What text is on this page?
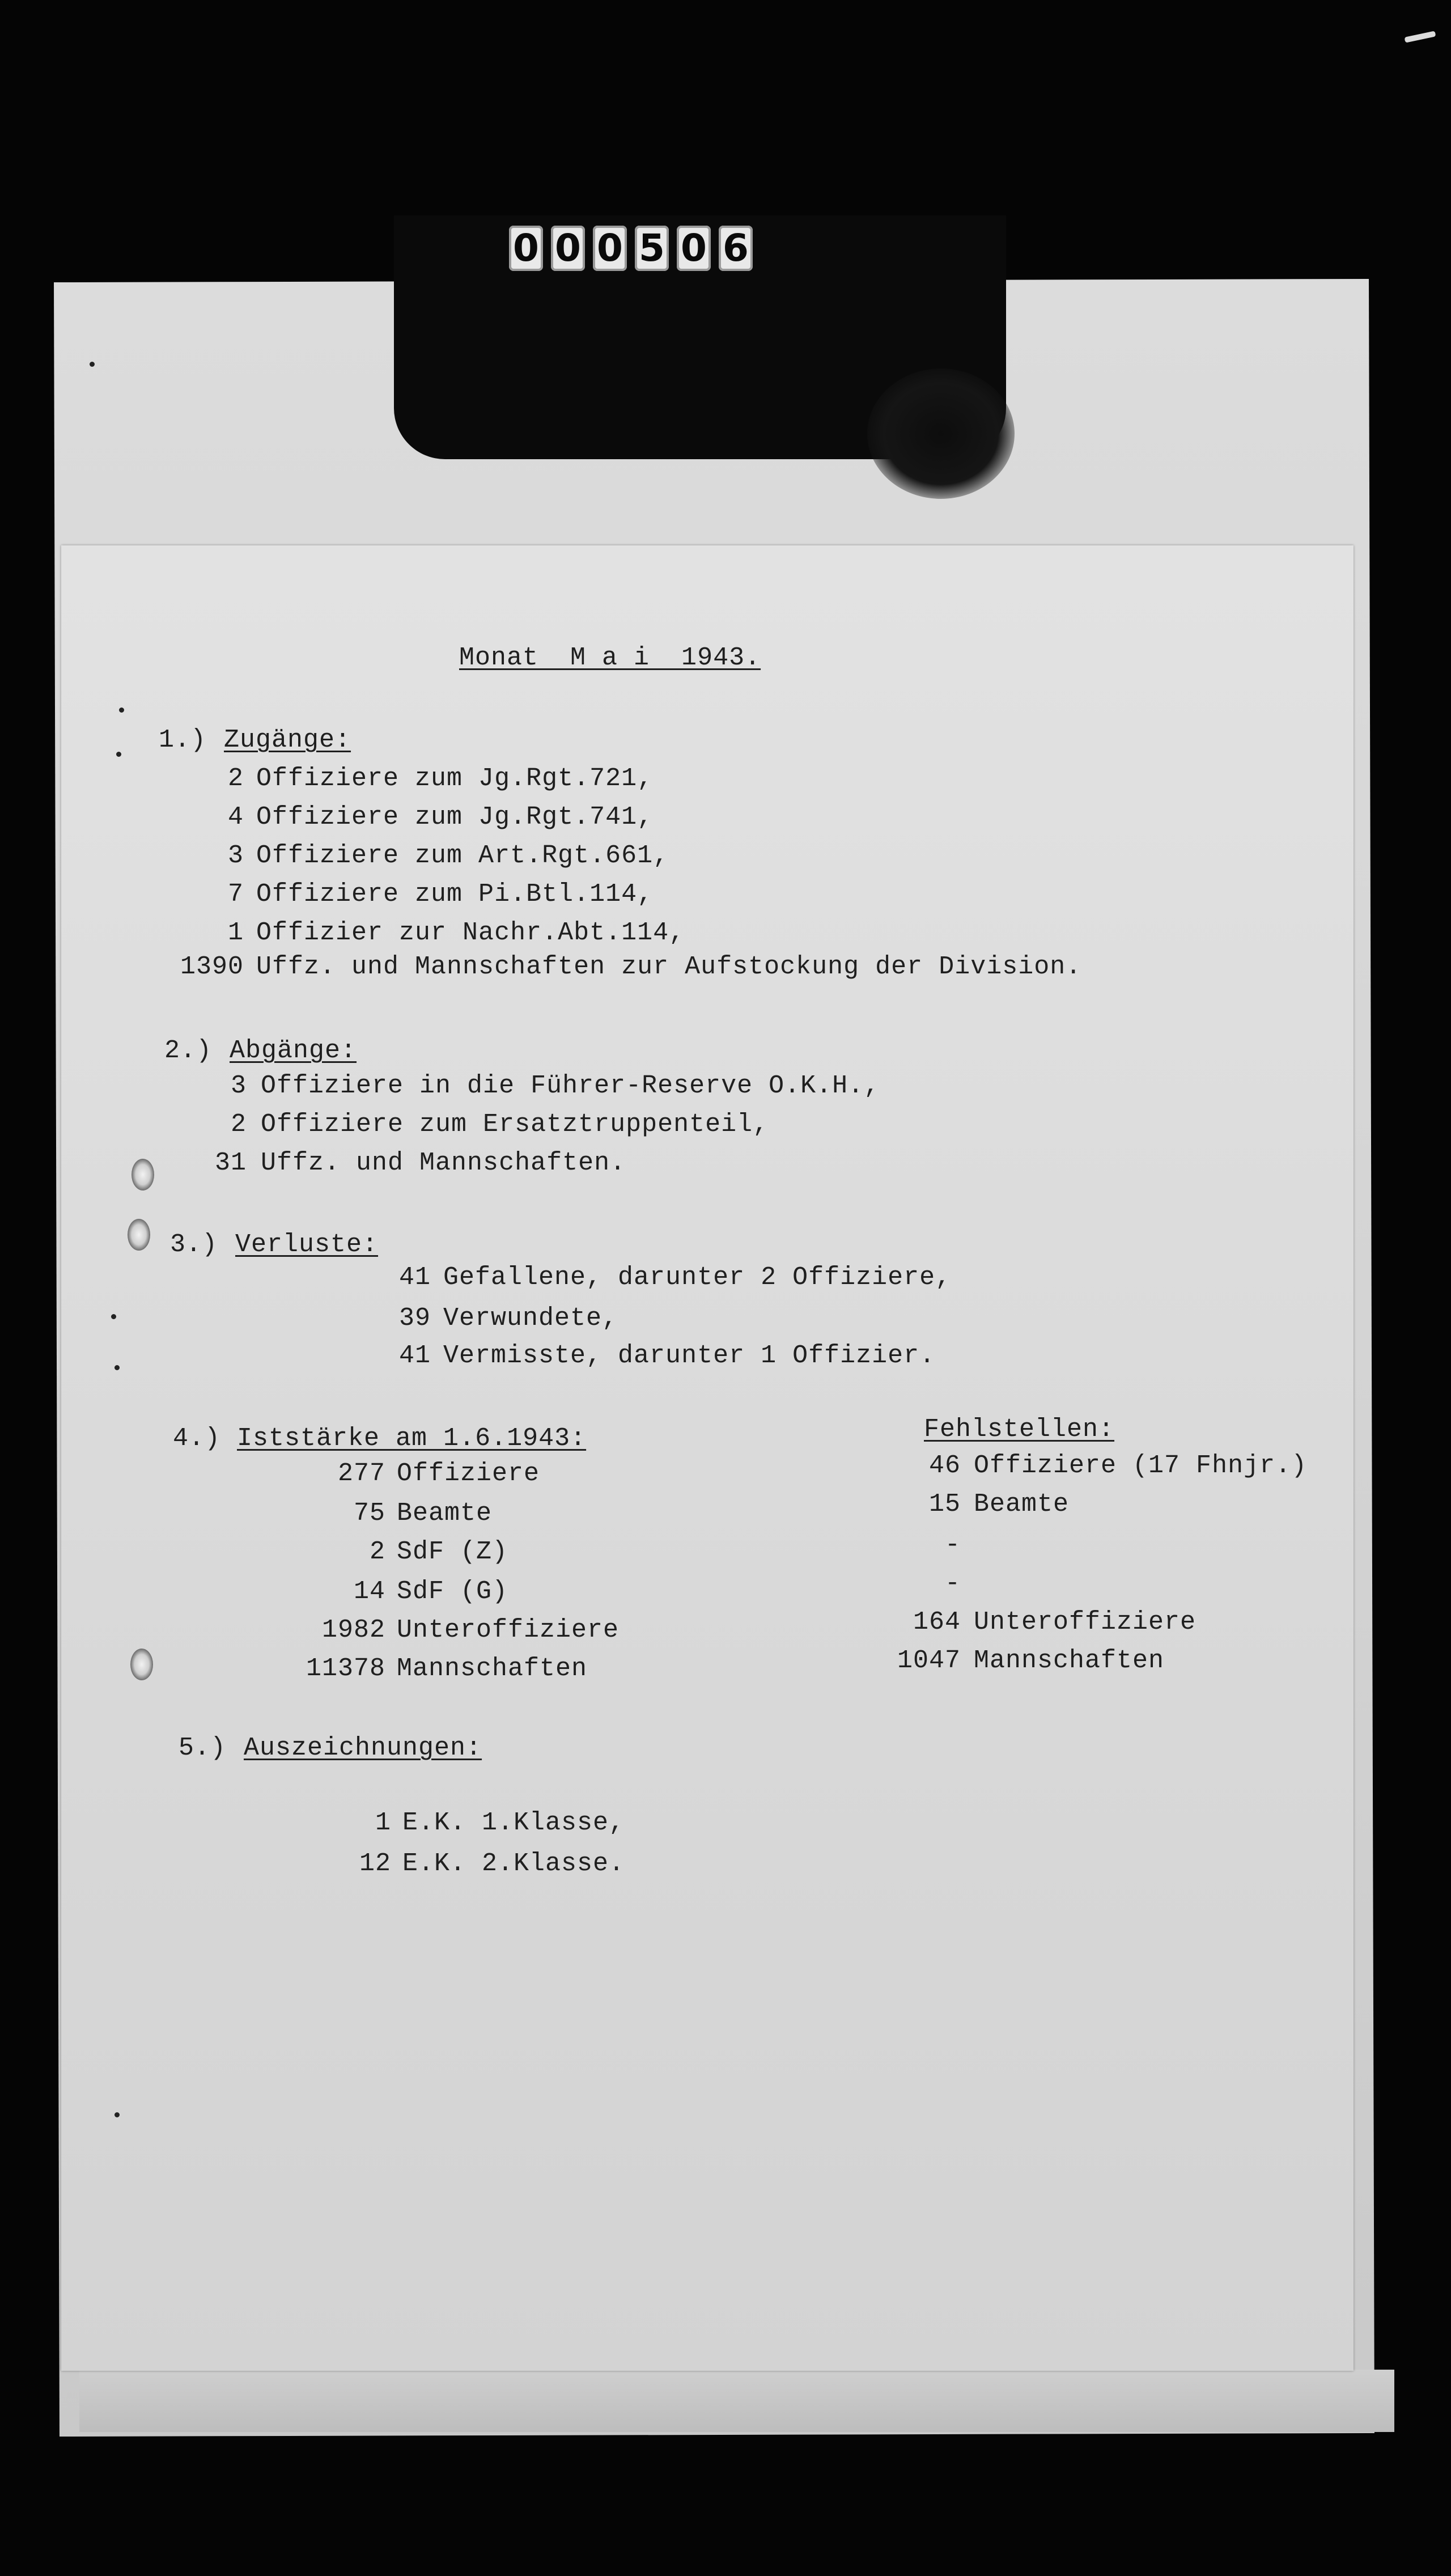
0 0 0 5 0 6
Monat  M a i  1943.
1.) Zugänge:
2 Offiziere zum Jg.Rgt.721,
4 Offiziere zum Jg.Rgt.741,
3 Offiziere zum Art.Rgt.661,
7 Offiziere zum Pi.Btl.114,
1 Offizier zur Nachr.Abt.114,
1390 Uffz. und Mannschaften zur Aufstockung der Division.
2.) Abgänge:
3 Offiziere in die Führer-Reserve O.K.H.,
2 Offiziere zum Ersatztruppenteil,
31 Uffz. und Mannschaften.
3.) Verluste:
41 Gefallene, darunter 2 Offiziere,
39 Verwundete,
41 Vermisste, darunter 1 Offizier.
4.) Iststärke am 1.6.1943:	Fehlstellen:
277 Offiziere	46 Offiziere (17 Fhnjr.)
75 Beamte	15 Beamte
2 SdF (Z)	-
14 SdF (G)	-
1982 Unteroffiziere	164 Unteroffiziere
11378 Mannschaften	1047 Mannschaften
5.) Auszeichnungen:
1 E.K. 1.Klasse,
12 E.K. 2.Klasse.
